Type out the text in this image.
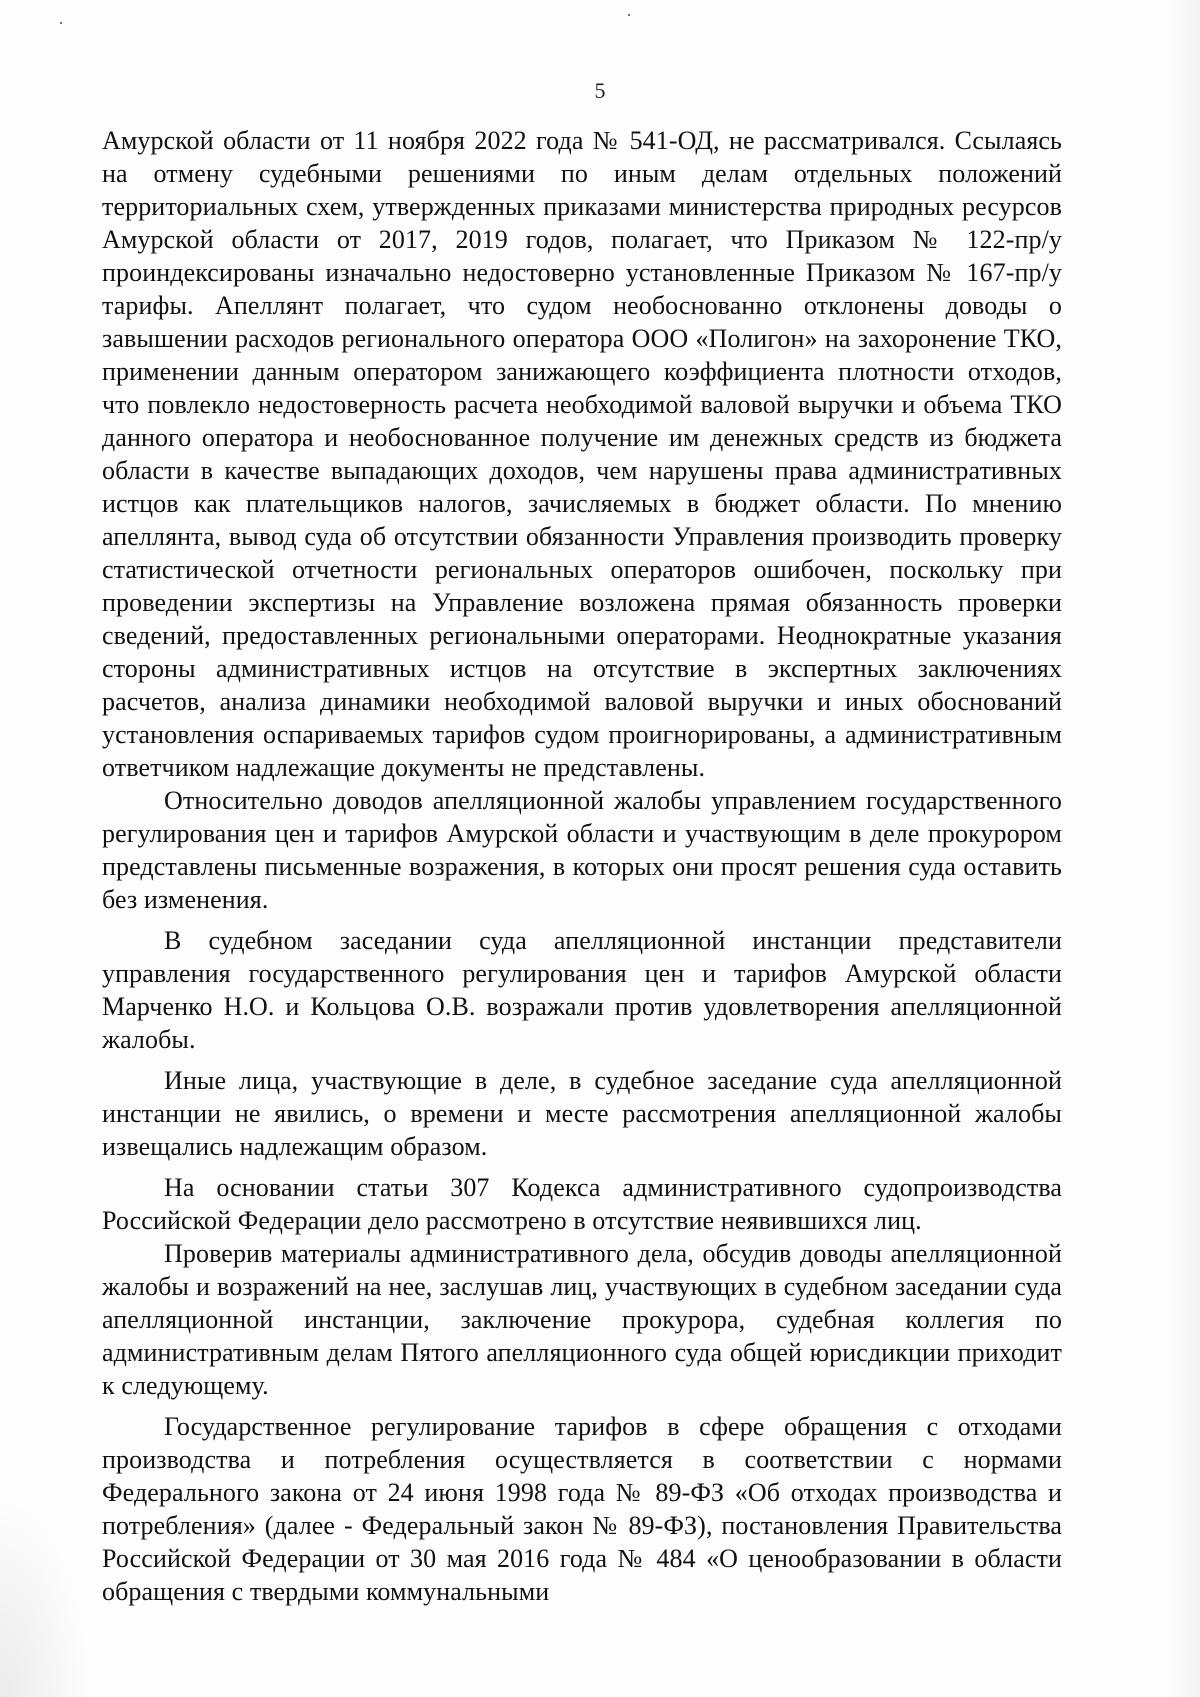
5

Амурской области от 11 ноября 2022 года № 541-ОД, не рассматривался. Ссылаясь на отмену судебными решениями по иным делам отдельных положений территориальных схем, утвержденных приказами министерства природных ресурсов Амурской области от 2017, 2019 годов, полагает, что Приказом № 122-пр/у проиндексированы изначально недостоверно установленные Приказом № 167-пр/у тарифы. Апеллянт полагает, что судом необоснованно отклонены доводы о завышении расходов регионального оператора ООО «Полигон» на захоронение ТКО, применении данным оператором занижающего коэффициента плотности отходов, что повлекло недостоверность расчета необходимой валовой выручки и объема ТКО данного оператора и необоснованное получение им денежных средств из бюджета области в качестве выпадающих доходов, чем нарушены права административных истцов как плательщиков налогов, зачисляемых в бюджет области. По мнению апеллянта, вывод суда об отсутствии обязанности Управления производить проверку статистической отчетности региональных операторов ошибочен, поскольку при проведении экспертизы на Управление возложена прямая обязанность проверки сведений, предоставленных региональными операторами. Неоднократные указания стороны административных истцов на отсутствие в экспертных заключениях расчетов, анализа динамики необходимой валовой выручки и иных обоснований установления оспариваемых тарифов судом проигнорированы, а административным ответчиком надлежащие документы не представлены.

Относительно доводов апелляционной жалобы управлением государственного регулирования цен и тарифов Амурской области и участвующим в деле прокурором представлены письменные возражения, в которых они просят решения суда оставить без изменения.

В судебном заседании суда апелляционной инстанции представители управления государственного регулирования цен и тарифов Амурской области Марченко Н.О. и Кольцова О.В. возражали против удовлетворения апелляционной жалобы.

Иные лица, участвующие в деле, в судебное заседание суда апелляционной инстанции не явились, о времени и месте рассмотрения апелляционной жалобы извещались надлежащим образом.

На основании статьи 307 Кодекса административного судопроизводства Российской Федерации дело рассмотрено в отсутствие неявившихся лиц.

Проверив материалы административного дела, обсудив доводы апелляционной жалобы и возражений на нее, заслушав лиц, участвующих в судебном заседании суда апелляционной инстанции, заключение прокурора, судебная коллегия по административным делам Пятого апелляционного суда общей юрисдикции приходит к следующему.

Государственное регулирование тарифов в сфере обращения с отходами производства и потребления осуществляется в соответствии с нормами Федерального закона от 24 июня 1998 года № 89-ФЗ «Об отходах производства и потребления» (далее - Федеральный закон № 89-ФЗ), постановления Правительства Российской Федерации от 30 мая 2016 года № 484 «О ценообразовании в области обращения с твердыми коммунальными
